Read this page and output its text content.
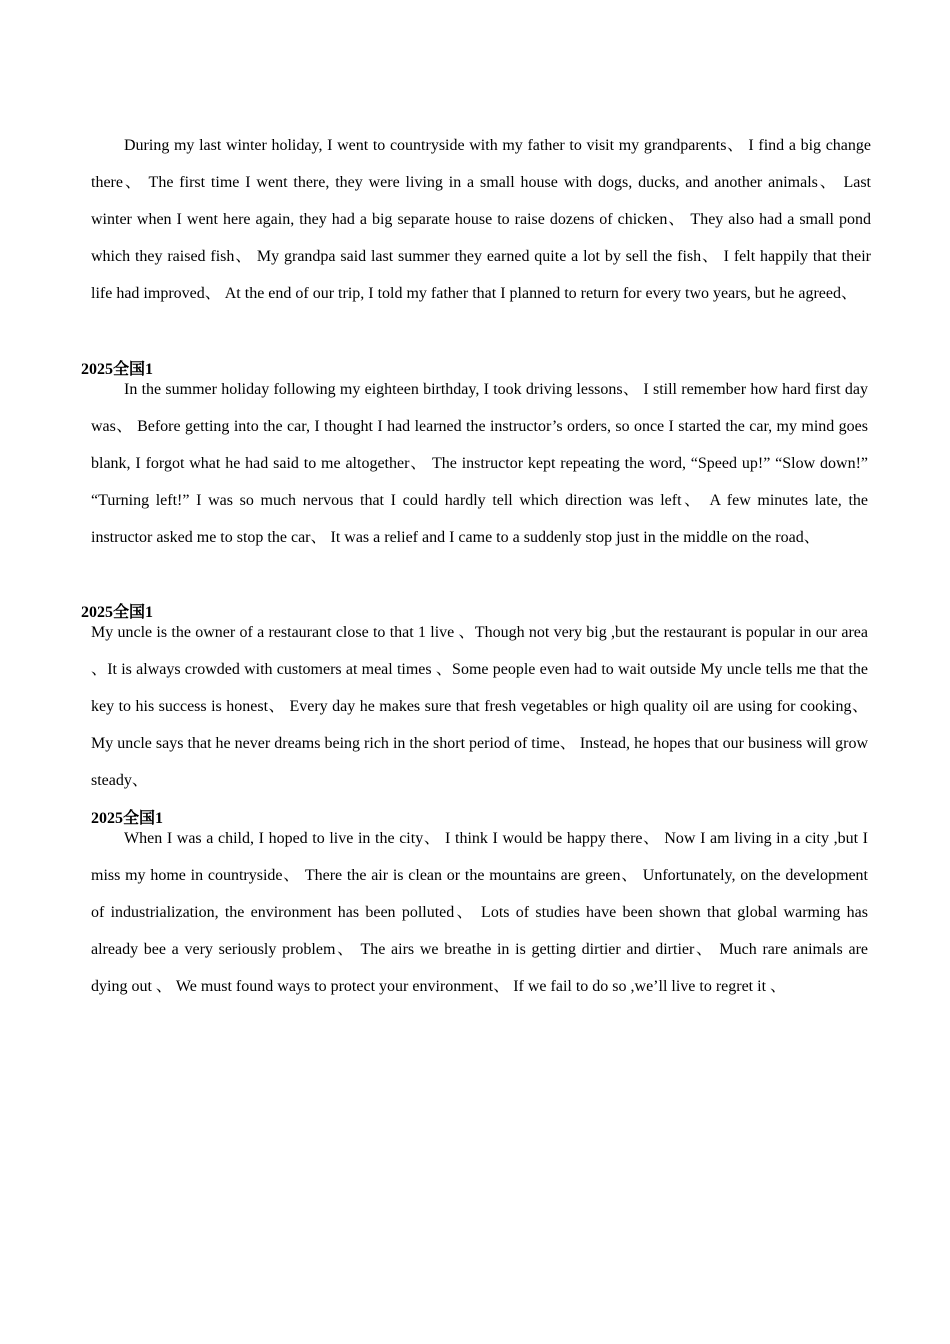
During my last winter holiday, I went to countryside with my father to visit my grandparents、 I find a big change there、 The first time I went there, they were living in a small house with dogs, ducks, and another animals、 Last winter when I went here again, they had a big separate house to raise dozens of chicken、 They also had a small pond which they raised fish、 My grandpa said last summer they earned quite a lot by sell the fish、 I felt happily that their life had improved、 At the end of our trip, I told my father that I planned to return for every two years, but he agreed、

2025全国1

In the summer holiday following my eighteen birthday, I took driving lessons、 I still remember how hard first day was、 Before getting into the car, I thought I had learned the instructor’s orders, so once I started the car, my mind goes blank, I forgot what he had said to me altogether、 The instructor kept repeating the word, “Speed up!” “Slow down!” “Turning left!” I was so much nervous that I could hardly tell which direction was left、 A few minutes late, the instructor asked me to stop the car、 It was a relief and I came to a suddenly stop just in the middle on the road、

2025全国1

My uncle is the owner of a restaurant close to that 1 live 、Though not very big ,but the restaurant is popular in our area 、It is always crowded with customers at meal times 、Some people even had to wait outside My uncle tells me that the key to his success is honest、 Every day he makes sure that fresh vegetables or high quality oil are using for cooking、 My uncle says that he never dreams being rich in the short period of time、 Instead, he hopes that our business will grow steady、

2025全国1

When I was a child, I hoped to live in the city、 I think I would be happy there、 Now I am living in a city ,but I miss my home in countryside、 There the air is clean or the mountains are green、 Unfortunately, on the development of industrialization, the environment has been polluted、 Lots of studies have been shown that global warming has already bee a very seriously problem、 The airs we breathe in is getting dirtier and dirtier、 Much rare animals are dying out 、 We must found ways to protect your environment、 If we fail to do so ,we’ll live to regret it 、
